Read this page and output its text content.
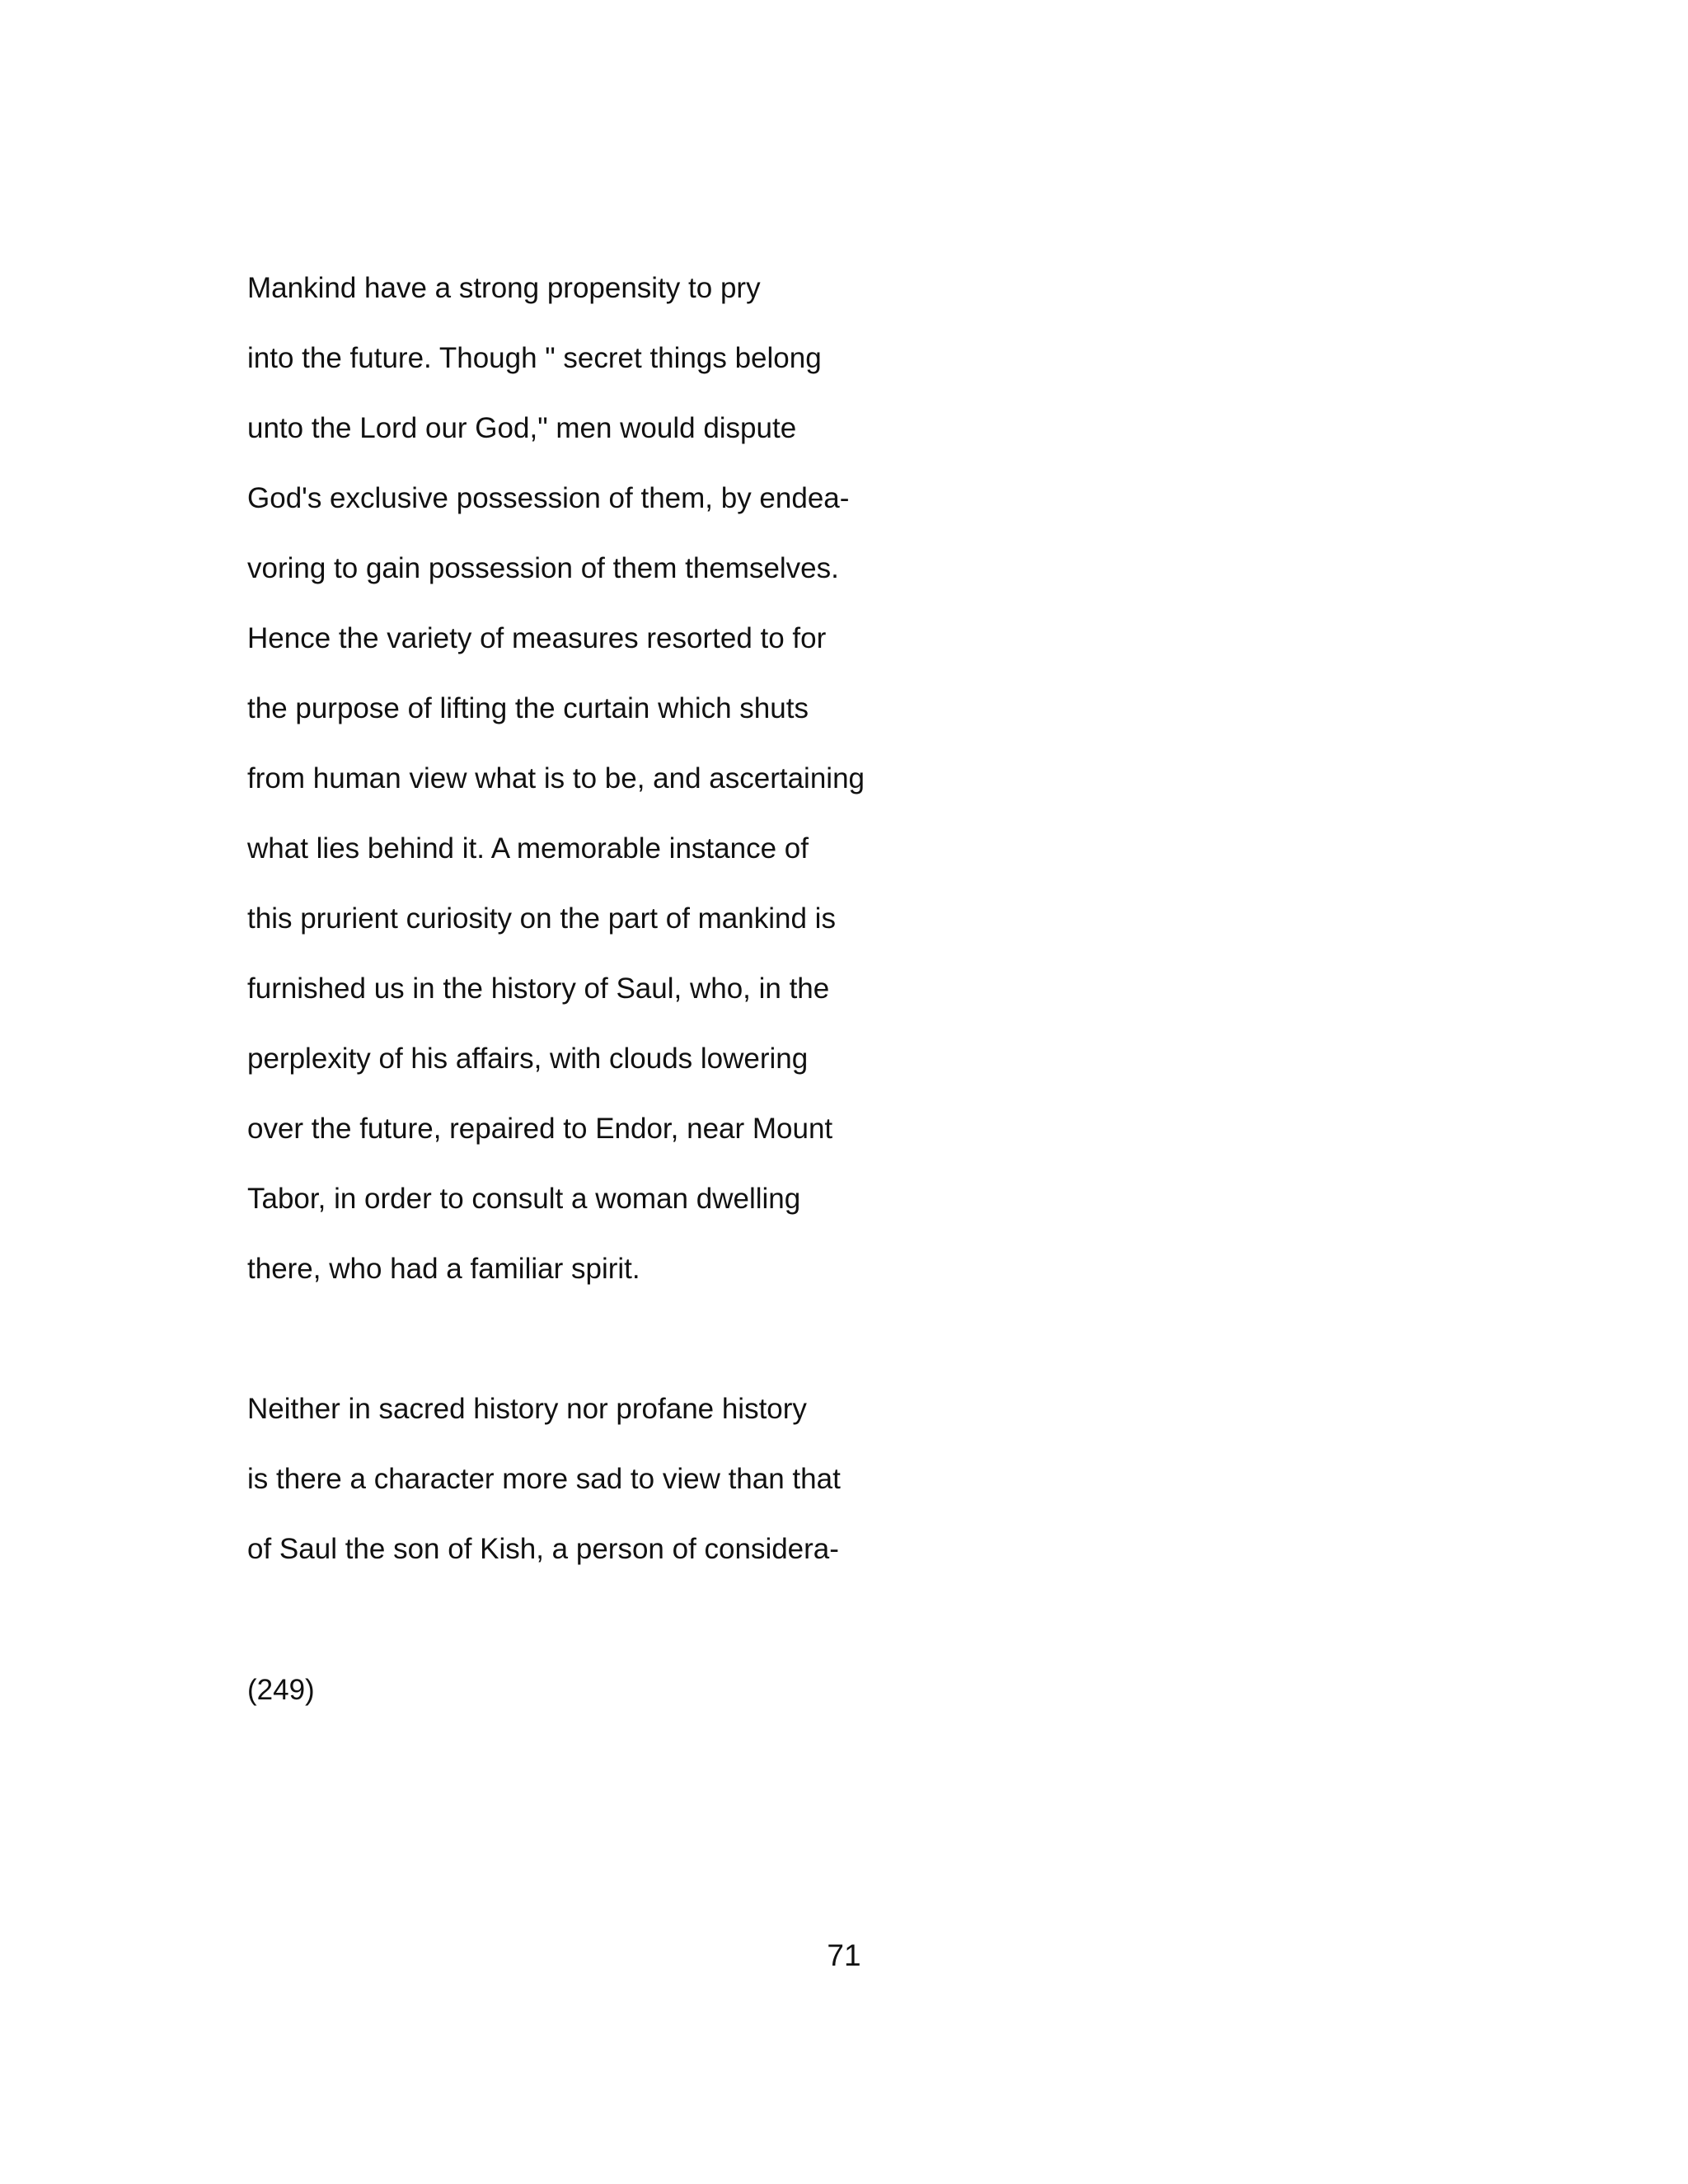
Mankind have a strong propensity to pry
into the future. Though " secret things belong
unto the Lord our God," men would dispute
God's exclusive possession of them, by endea-
voring to gain possession of them themselves.
Hence the variety of measures resorted to for
the purpose of lifting the curtain which shuts
from human view what is to be, and ascertaining
what lies behind it. A memorable instance of
this prurient curiosity on the part of mankind is
furnished us in the history of Saul, who, in the
perplexity of his affairs, with clouds lowering
over the future, repaired to Endor, near Mount
Tabor, in order to consult a woman dwelling
there, who had a familiar spirit.
Neither in sacred history nor profane history
is there a character more sad to view than that
of Saul the son of Kish, a person of considera-
(249)
71
